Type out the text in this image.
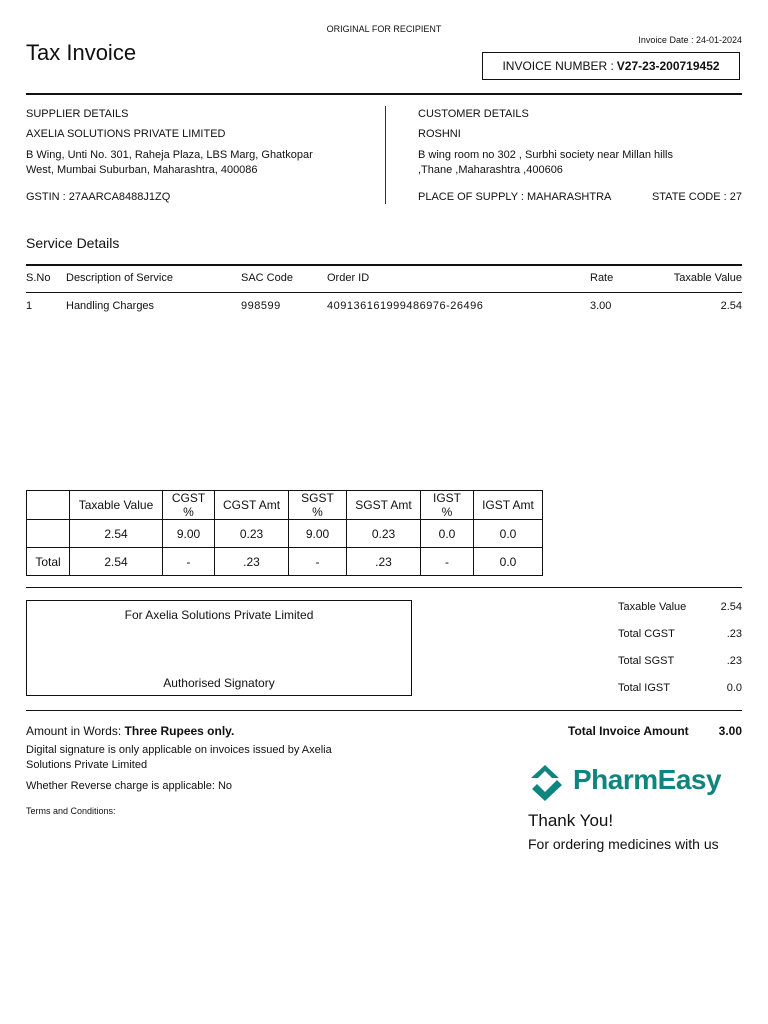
ORIGINAL FOR RECIPIENT
Tax Invoice	Invoice Date : 24-01-2024
INVOICE NUMBER : V27-23-200719452
SUPPLIER DETAILS
AXELIA SOLUTIONS PRIVATE LIMITED
B Wing, Unti No. 301, Raheja Plaza, LBS Marg, Ghatkopar
West, Mumbai Suburban, Maharashtra, 400086
GSTIN : 27AARCA8488J1ZQ
CUSTOMER DETAILS
ROSHNI
B wing room no 302 , Surbhi society near Millan hills
,Thane ,Maharashtra ,400606
PLACE OF SUPPLY : MAHARASHTRA	STATE CODE : 27
Service Details
S.No Description of Service	SAC Code	Order ID	Rate	Taxable Value
1	Handling Charges	998599	409136161999486976-26496	3.00	2.54
	Taxable Value	CGST %	CGST Amt	SGST %	SGST Amt	IGST %	IGST Amt
	2.54	9.00	0.23	9.00	0.23	0.0	0.0
Total	2.54	-	.23	-	.23	-	0.0
For Axelia Solutions Private Limited
Authorised Signatory
Taxable Value	2.54
Total CGST	.23
Total SGST	.23
Total IGST	0.0
Amount in Words: Three Rupees only.	Total Invoice Amount 3.00
Digital signature is only applicable on invoices issued by Axelia
Solutions Private Limited
Whether Reverse charge is applicable: No
Terms and Conditions:
PharmEasy
Thank You!
For ordering medicines with us
